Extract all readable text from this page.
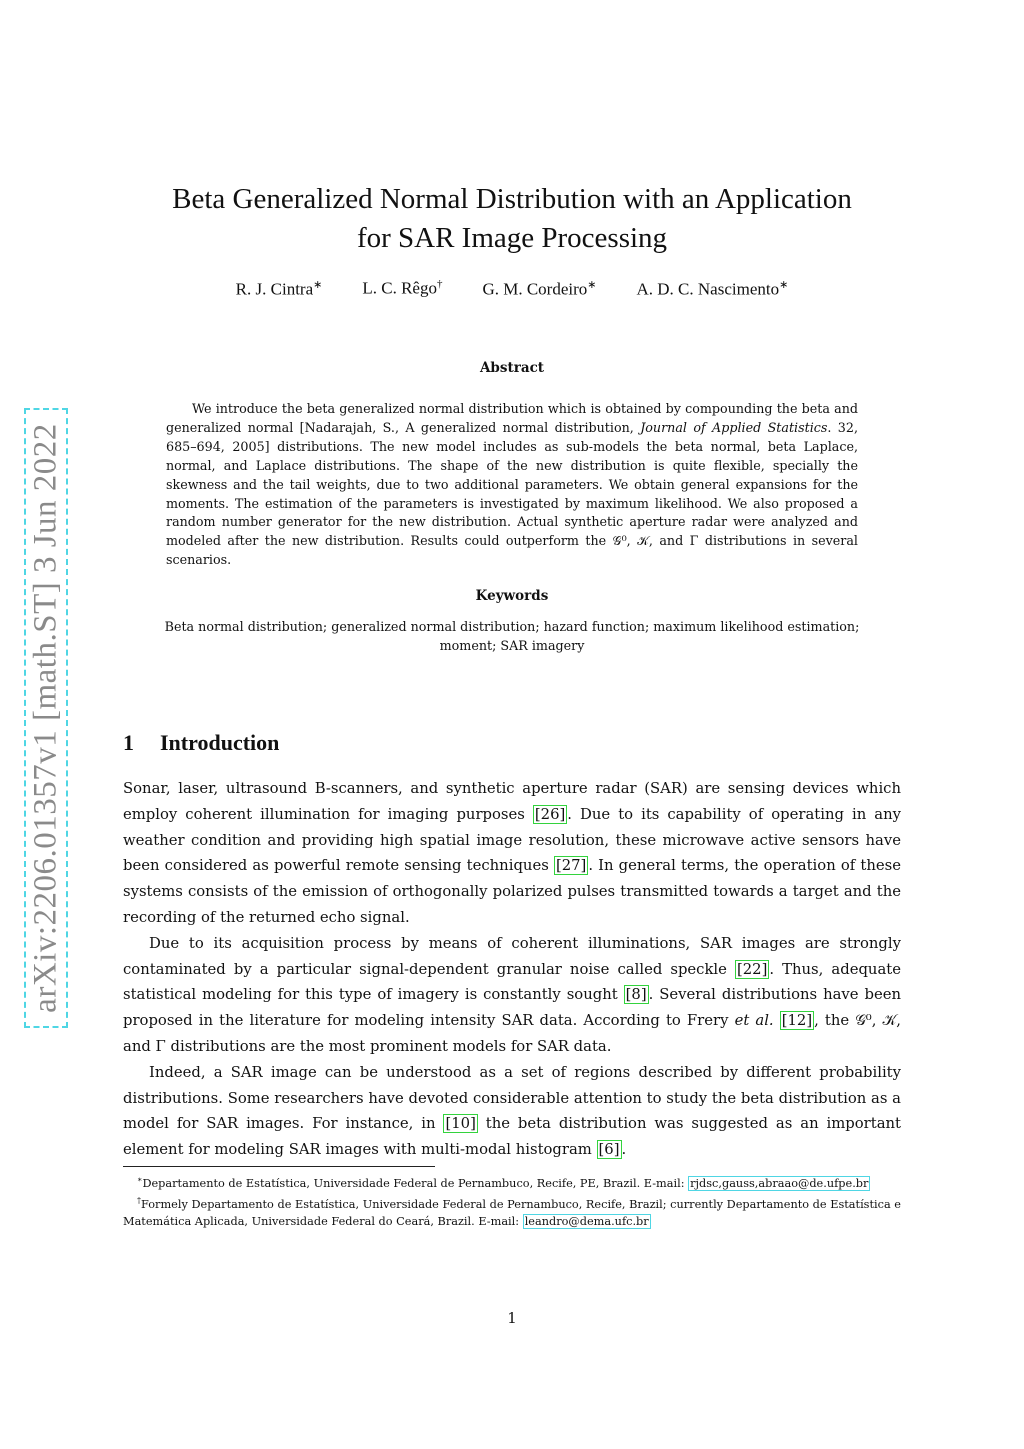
arXiv:2206.01357v1 [math.ST] 3 Jun 2022
Beta Generalized Normal Distribution with an Application
for SAR Image Processing
R. J. Cintra∗ L. C. Rêgo† G. M. Cordeiro∗ A. D. C. Nascimento∗
Abstract

We introduce the beta generalized normal distribution which is obtained by compounding the beta and generalized normal [Nadarajah, S., A generalized normal distribution, Journal of Applied Statistics. 32, 685–694, 2005] distributions. The new model includes as sub-models the beta normal, beta Laplace, normal, and Laplace distributions. The shape of the new distribution is quite flexible, specially the skewness and the tail weights, due to two additional parameters. We obtain general expansions for the moments. The estimation of the parameters is investigated by maximum likelihood. We also proposed a random number generator for the new distribution. Actual synthetic aperture radar were analyzed and modeled after the new distribution. Results could outperform the 𝒢⁰, 𝒦, and Γ distributions in several scenarios.

Keywords

Beta normal distribution; generalized normal distribution; hazard function; maximum likelihood estimation; moment; SAR imagery

1 Introduction

Sonar, laser, ultrasound B-scanners, and synthetic aperture radar (SAR) are sensing devices which employ coherent illumination for imaging purposes [26] . Due to its capability of operating in any weather condition and providing high spatial image resolution, these microwave active sensors have been considered as powerful remote sensing techniques [27] . In general terms, the operation of these systems consists of the emission of orthogonally polarized pulses transmitted towards a target and the recording of the returned echo signal.

Due to its acquisition process by means of coherent illuminations, SAR images are strongly contaminated by a particular signal-dependent granular noise called speckle [22] . Thus, adequate statistical modeling for this type of imagery is constantly sought [8] . Several distributions have been proposed in the literature for modeling intensity SAR data. According to Frery et al. [12] , the 𝒢⁰, 𝒦, and Γ distributions are the most prominent models for SAR data.

Indeed, a SAR image can be understood as a set of regions described by different probability distributions. Some researchers have devoted considerable attention to study the beta distribution as a model for SAR images. For instance, in [10] the beta distribution was suggested as an important element for modeling SAR images with multi-modal histogram [6] .

∗Departamento de Estatística, Universidade Federal de Pernambuco, Recife, PE, Brazil. E-mail: rjdsc,gauss,abraao@de.ufpe.br

†Formely Departamento de Estatística, Universidade Federal de Pernambuco, Recife, Brazil; currently Departamento de Estatística e Matemática Aplicada, Universidade Federal do Ceará, Brazil. E-mail: leandro@dema.ufc.br

1
